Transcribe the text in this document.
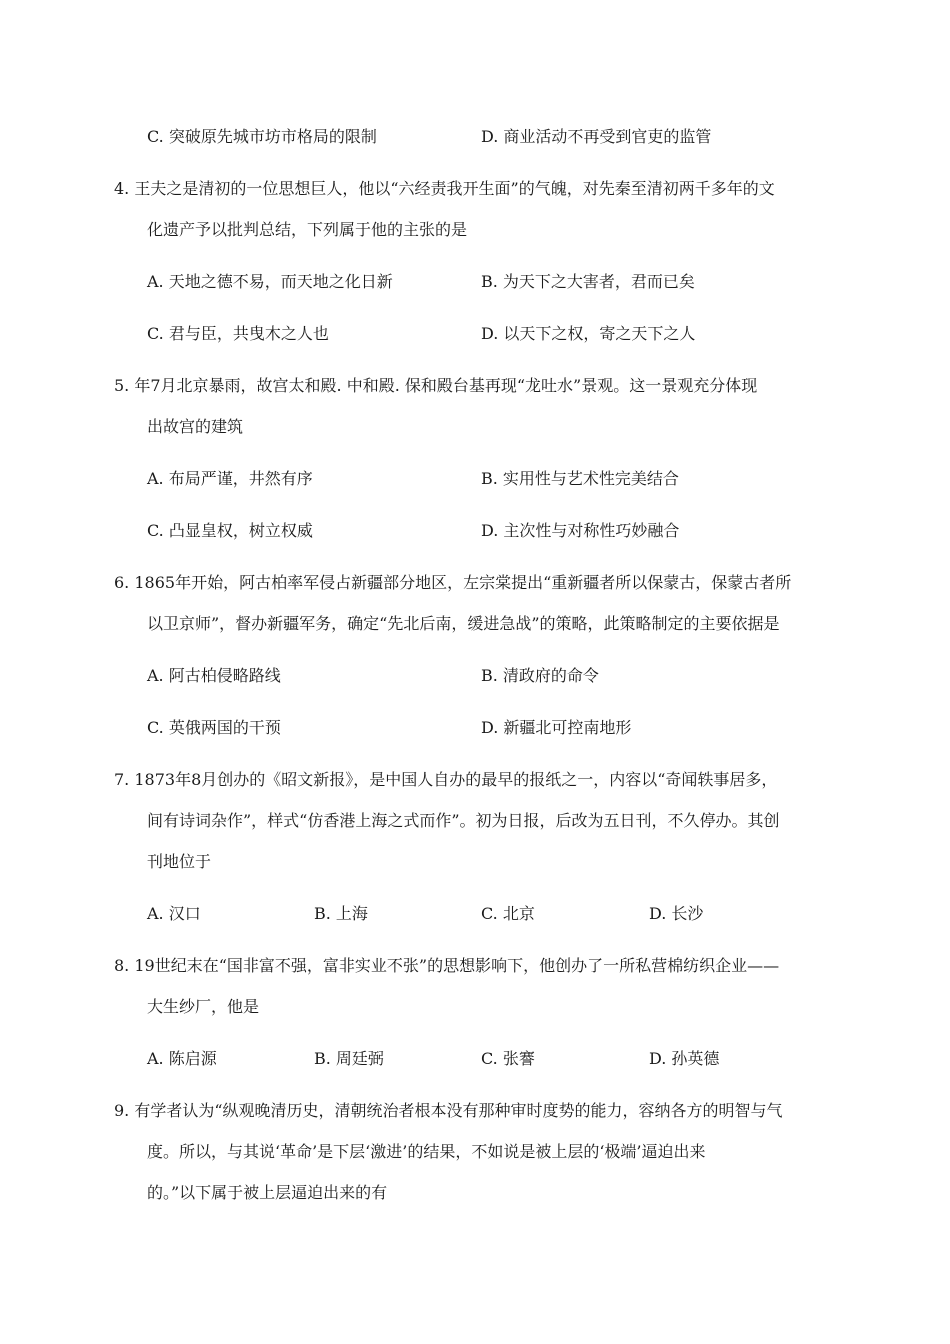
C. 突破原先城市坊市格局的限制	D. 商业活动不再受到官吏的监管
4. 王夫之是清初的一位思想巨人，他以“六经责我开生面”的气魄，对先秦至清初两千多年的文
化遗产予以批判总结，下列属于他的主张的是
A. 天地之德不易，而天地之化日新	B. 为天下之大害者，君而已矣
C. 君与臣，共曳木之人也	D. 以天下之权，寄之天下之人
5. 年7月北京暴雨，故宫太和殿. 中和殿. 保和殿台基再现“龙吐水”景观。这一景观充分体现
出故宫的建筑
A. 布局严谨，井然有序	B. 实用性与艺术性完美结合
C. 凸显皇权，树立权威	D. 主次性与对称性巧妙融合
6. 1865年开始，阿古柏率军侵占新疆部分地区，左宗棠提出“重新疆者所以保蒙古，保蒙古者所
以卫京师”，督办新疆军务，确定“先北后南，缓进急战”的策略，此策略制定的主要依据是
A. 阿古柏侵略路线	B. 清政府的命令
C. 英俄两国的干预	D. 新疆北可控南地形
7. 1873年8月创办的《昭文新报》，是中国人自办的最早的报纸之一，内容以“奇闻轶事居多，
间有诗词杂作”，样式“仿香港上海之式而作”。初为日报，后改为五日刊，不久停办。其创
刊地位于
A. 汉口	B. 上海	C. 北京	D. 长沙
8. 19世纪末在“国非富不强，富非实业不张”的思想影响下，他创办了一所私营棉纺织企业——
大生纱厂，他是
A. 陈启源	B. 周廷弼	C. 张謇	D. 孙英德
9. 有学者认为“纵观晚清历史，清朝统治者根本没有那种审时度势的能力，容纳各方的明智与气
度。所以，与其说‘革命’是下层‘激进’的结果，不如说是被上层的‘极端’逼迫出来
的。”以下属于被上层逼迫出来的有
